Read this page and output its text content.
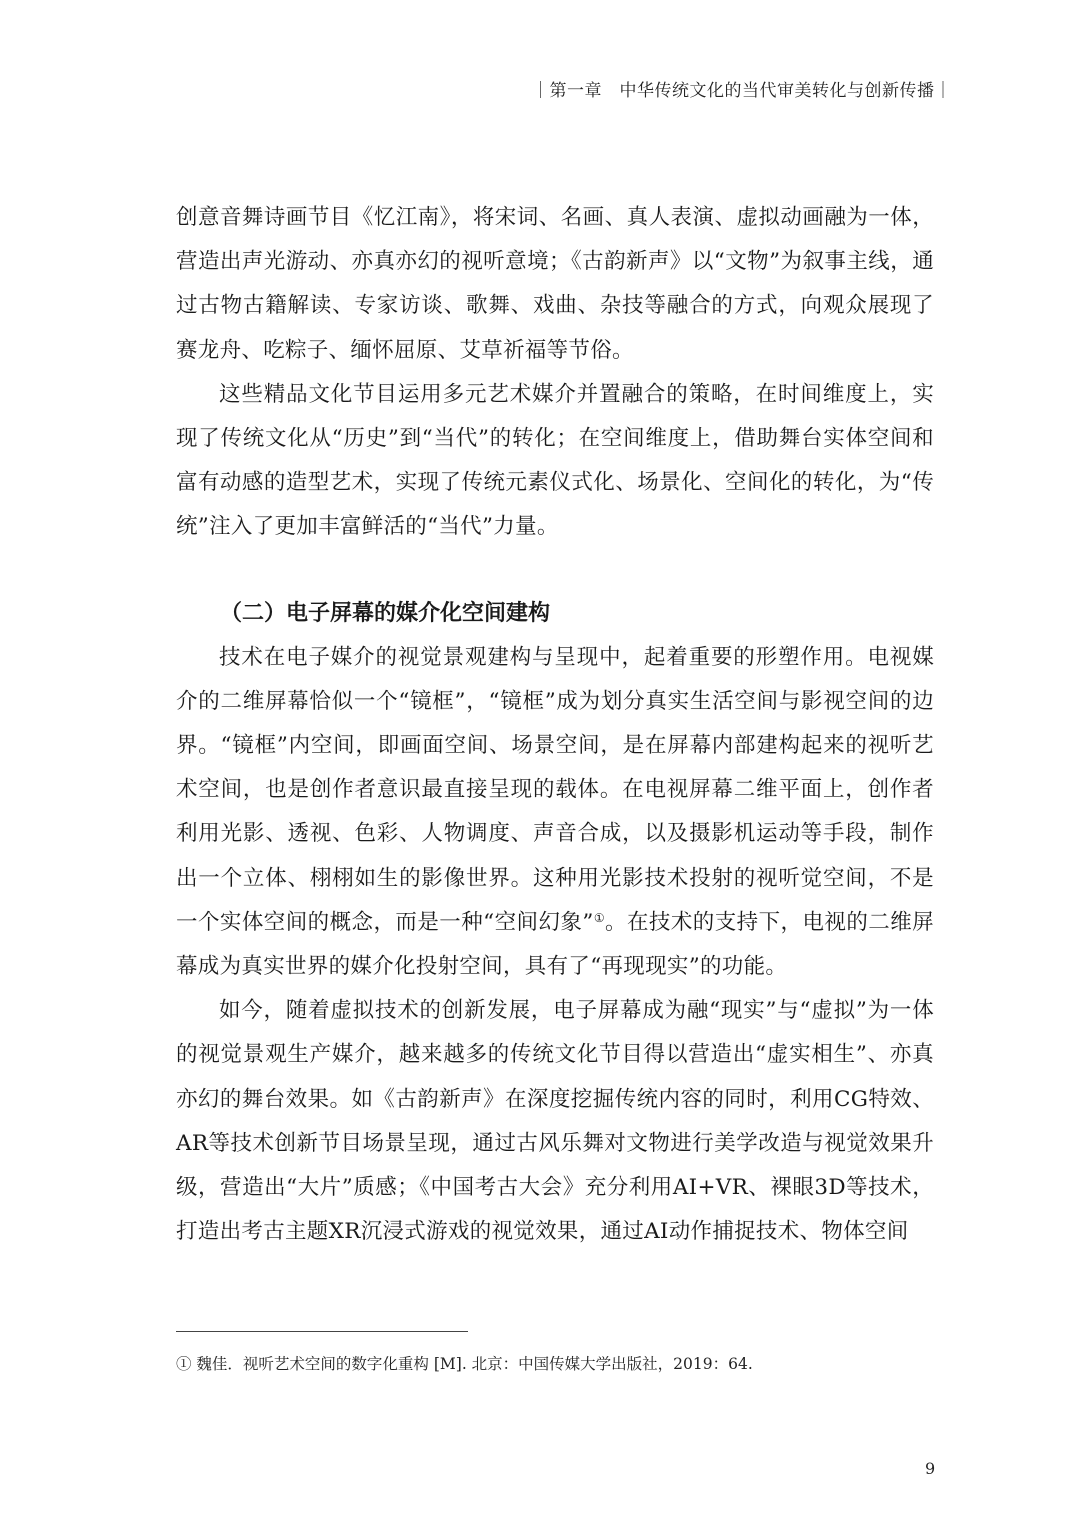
｜第一章　中华传统文化的当代审美转化与创新传播｜

创意音舞诗画节目《忆江南》，将宋词、名画、真人表演、虚拟动画融为一体，营造出声光游动、亦真亦幻的视听意境；《古韵新声》以“文物”为叙事主线，通过古物古籍解读、专家访谈、歌舞、戏曲、杂技等融合的方式，向观众展现了赛龙舟、吃粽子、缅怀屈原、艾草祈福等节俗。

这些精品文化节目运用多元艺术媒介并置融合的策略，在时间维度上，实现了传统文化从“历史”到“当代”的转化；在空间维度上，借助舞台实体空间和富有动感的造型艺术，实现了传统元素仪式化、场景化、空间化的转化，为“传统”注入了更加丰富鲜活的“当代”力量。

（二）电子屏幕的媒介化空间建构

技术在电子媒介的视觉景观建构与呈现中，起着重要的形塑作用。电视媒介的二维屏幕恰似一个“镜框”，“镜框”成为划分真实生活空间与影视空间的边界。“镜框”内空间，即画面空间、场景空间，是在屏幕内部建构起来的视听艺术空间，也是创作者意识最直接呈现的载体。在电视屏幕二维平面上，创作者利用光影、透视、色彩、人物调度、声音合成，以及摄影机运动等手段，制作出一个立体、栩栩如生的影像世界。这种用光影技术投射的视听觉空间，不是一个实体空间的概念，而是一种“空间幻象”①。在技术的支持下，电视的二维屏幕成为真实世界的媒介化投射空间，具有了“再现现实”的功能。

如今，随着虚拟技术的创新发展，电子屏幕成为融“现实”与“虚拟”为一体的视觉景观生产媒介，越来越多的传统文化节目得以营造出“虚实相生”、亦真亦幻的舞台效果。如《古韵新声》在深度挖掘传统内容的同时，利用CG特效、AR等技术创新节目场景呈现，通过古风乐舞对文物进行美学改造与视觉效果升级，营造出“大片”质感；《中国考古大会》充分利用AI+VR、裸眼3D等技术，打造出考古主题XR沉浸式游戏的视觉效果，通过AI动作捕捉技术、物体空间

① 魏佳．视听艺术空间的数字化重构 [M]. 北京：中国传媒大学出版社，2019：64.
9
